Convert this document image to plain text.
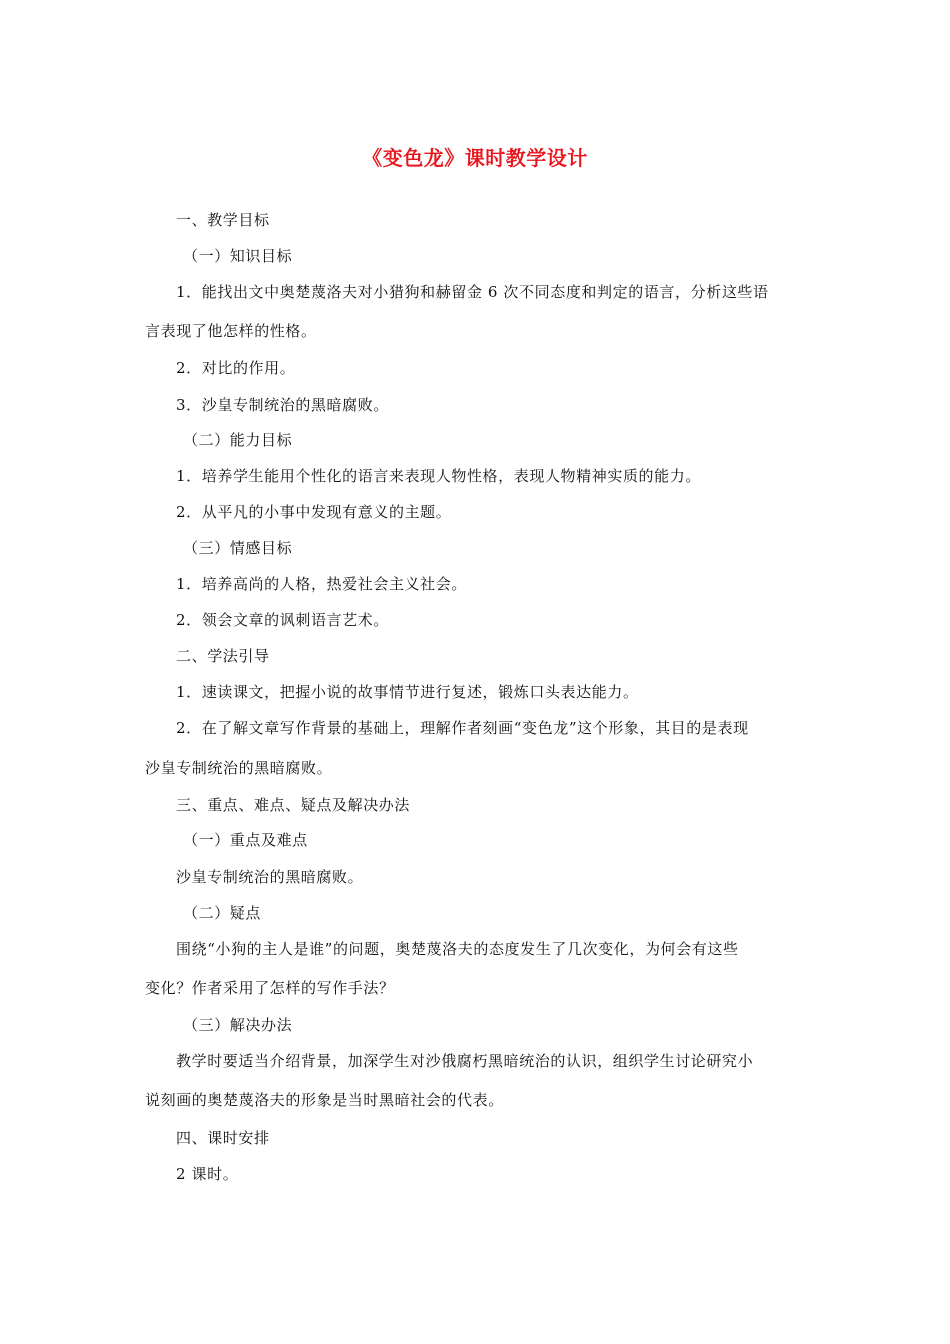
《变色龙》课时教学设计
一、教学目标
（一）知识目标
1．能找出文中奥楚蔑洛夫对小猎狗和赫留金 6 次不同态度和判定的语言，分析这些语
言表现了他怎样的性格。
2．对比的作用。
3．沙皇专制统治的黑暗腐败。
（二）能力目标
1．培养学生能用个性化的语言来表现人物性格，表现人物精神实质的能力。
2．从平凡的小事中发现有意义的主题。
（三）情感目标
1．培养高尚的人格，热爱社会主义社会。
2．领会文章的讽刺语言艺术。
二、学法引导
1．速读课文，把握小说的故事情节进行复述，锻炼口头表达能力。
2．在了解文章写作背景的基础上，理解作者刻画“变色龙”这个形象，其目的是表现
沙皇专制统治的黑暗腐败。
三、重点、难点、疑点及解决办法
（一）重点及难点
沙皇专制统治的黑暗腐败。
（二）疑点
围绕“小狗的主人是谁”的问题，奥楚蔑洛夫的态度发生了几次变化，为何会有这些
变化？作者采用了怎样的写作手法？
（三）解决办法
教学时要适当介绍背景，加深学生对沙俄腐朽黑暗统治的认识，组织学生讨论研究小
说刻画的奥楚蔑洛夫的形象是当时黑暗社会的代表。
四、课时安排
2 课时。
